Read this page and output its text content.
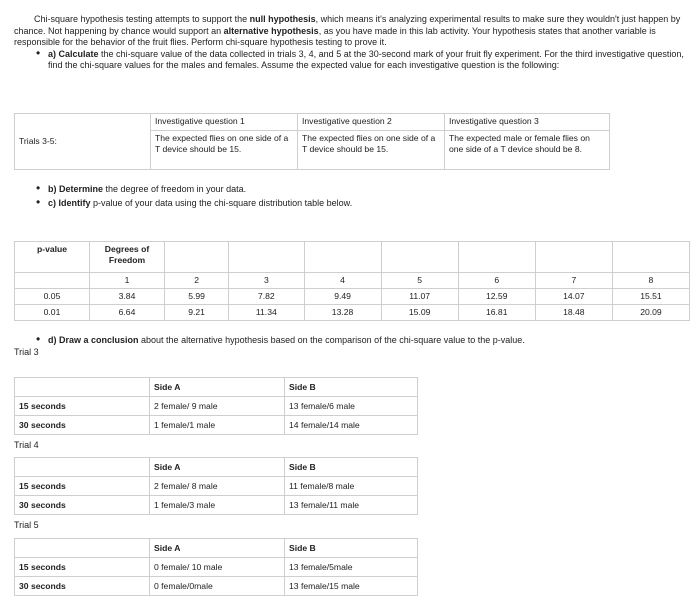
Chi-square hypothesis testing attempts to support the null hypothesis, which means it's analyzing experimental results to make sure they wouldn't just happen by chance. Not happening by chance would support an alternative hypothesis, as you have made in this lab activity. Your hypothesis states that another variable is responsible for the behavior of the fruit flies. Perform chi-square hypothesis testing to prove it.

• a) Calculate the chi-square value of the data collected in trials 3, 4, and 5 at the 30-second mark of your fruit fly experiment. For the third investigative question, find the chi-square values for the males and females. Assume the expected value for each investigative question is the following:
Trials 3-5:	Investigative question 1	Investigative question 2	Investigative question 3
	The expected flies on one side of a T device should be 15.	The expected flies on one side of a T device should be 15.	The expected male or female flies on one side of a T device should be 8.
• b) Determine the degree of freedom in your data.
• c) Identify p-value of your data using the chi-square distribution table below.
p-value	Degrees of Freedom							
	1	2	3	4	5	6	7	8
0.05	3.84	5.99	7.82	9.49	11.07	12.59	14.07	15.51
0.01	6.64	9.21	11.34	13.28	15.09	16.81	18.48	20.09
• d) Draw a conclusion about the alternative hypothesis based on the comparison of the chi-square value to the p-value.
Trial 3
	Side A	Side B
15 seconds	2 female/ 9 male	13 female/6 male
30 seconds	1 female/1 male	14 female/14 male
Trial 4
	Side A	Side B
15 seconds	2 female/ 8 male	11 female/8 male
30 seconds	1 female/3 male	13 female/11 male
Trial 5
	Side A	Side B
15 seconds	0 female/ 10 male	13 female/5male
30 seconds	0 female/0male	13 female/15 male
